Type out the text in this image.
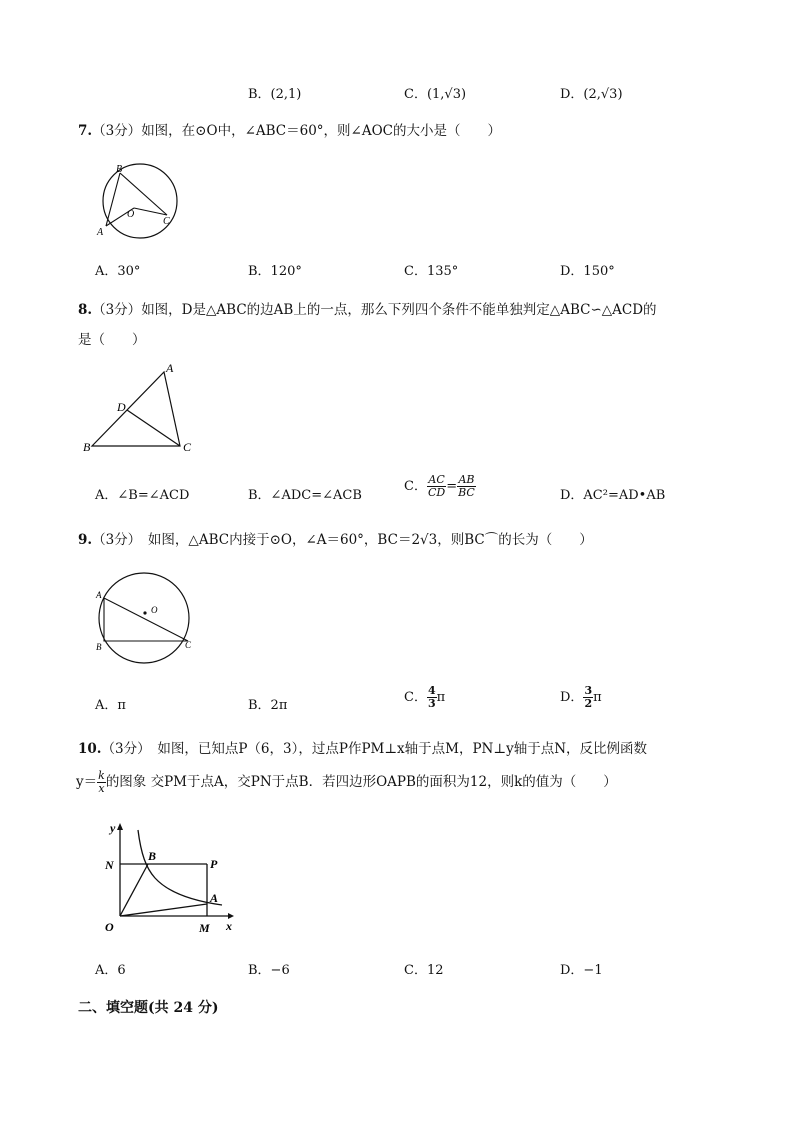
B．(2,1)	C．(1,√3)	D．(2,√3)
7.（3分）如图，在⊙O中，∠ABC＝60°，则∠AOC的大小是（　　）
B
O
A
C
A．30°	B．120°	C．135°	D．150°
8.（3分）如图，D是△ABC的边AB上的一点，那么下列四个条件不能单独判定△ABC∽△ACD的
是（　　）
A
D
B	C
A．∠B=∠ACD	B．∠ADC=∠ACB
C． $\frac{AC}{CD} = \frac{AB}{BC}$	D．AC²=AD•AB
9.（3分）　如图，△ABC内接于⊙O，∠A＝60°，BC＝2√3，则BC⌒的长为（　　）
O
A
B	C
A．π	B．2π
C． $\frac{4}{3}$ π	D． $\frac{3}{2}$ π
10.（3分）　如图，已知点P（6，3），过点P作PM⊥x轴于点M，PN⊥y轴于点N，反比例函数
$y= \frac{k}{x}$ 的图象 交PM于点A，交PN于点B．若四边形OAPB的面积为12，则k的值为（　　）
y
x
N
B
P
A
O	M
A．6	B．−6	C．12	D．−1
二、填空题(共 24 分)
